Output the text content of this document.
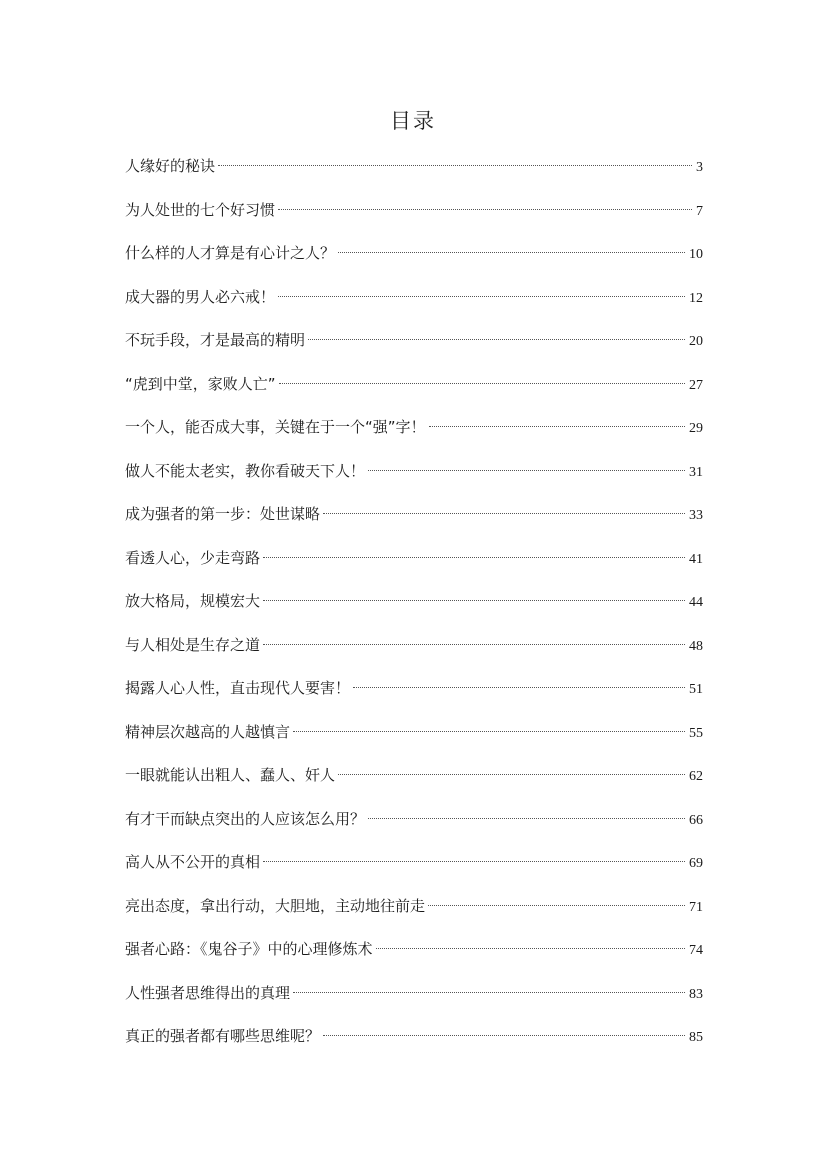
目录
人缘好的秘诀	3
为人处世的七个好习惯	7
什么样的人才算是有心计之人？	10
成大器的男人必六戒！	12
不玩手段，才是最高的精明	20
“虎到中堂，家败人亡”	27
一个人，能否成大事，关键在于一个“强”字！	29
做人不能太老实，教你看破天下人！	31
成为强者的第一步：处世谋略	33
看透人心，少走弯路	41
放大格局，规模宏大	44
与人相处是生存之道	48
揭露人心人性，直击现代人要害！	51
精神层次越高的人越慎言	55
一眼就能认出粗人、蠢人、奸人	62
有才干而缺点突出的人应该怎么用？	66
高人从不公开的真相	69
亮出态度，拿出行动，大胆地，主动地往前走	71
强者心路：《鬼谷子》中的心理修炼术	74
人性强者思维得出的真理	83
真正的强者都有哪些思维呢？	85
